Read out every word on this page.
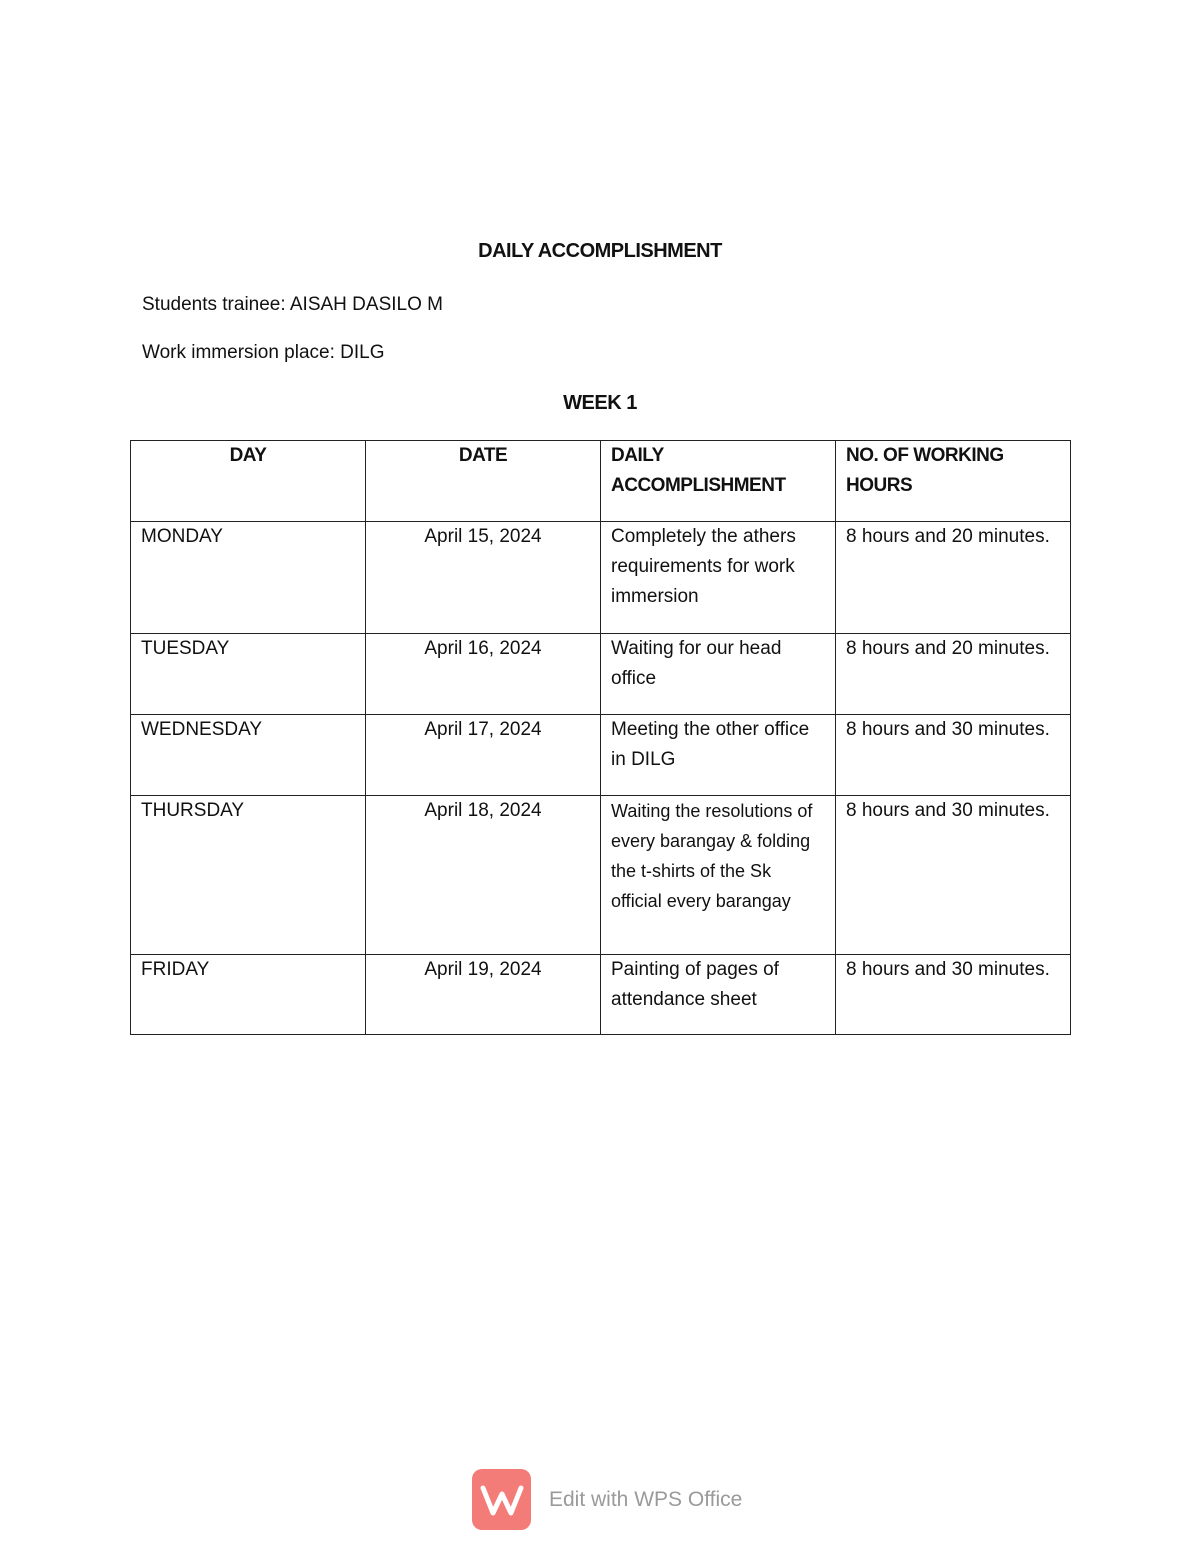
DAILY ACCOMPLISHMENT
Students trainee: AISAH DASILO M
Work immersion place: DILG
WEEK 1
DAY	DATE	DAILY ACCOMPLISHMENT	NO. OF WORKING HOURS
MONDAY	April 15, 2024	Completely the athers requirements for work immersion	8 hours and 20 minutes.
TUESDAY	April 16, 2024	Waiting for our head office	8 hours and 20 minutes.
WEDNESDAY	April 17, 2024	Meeting the other office in DILG	8 hours and 30 minutes.
THURSDAY	April 18, 2024	Waiting the resolutions of every barangay & folding the t-shirts of the Sk official every barangay	8 hours and 30 minutes.
FRIDAY	April 19, 2024	Painting of pages of attendance sheet	8 hours and 30 minutes.
Edit with WPS Office
